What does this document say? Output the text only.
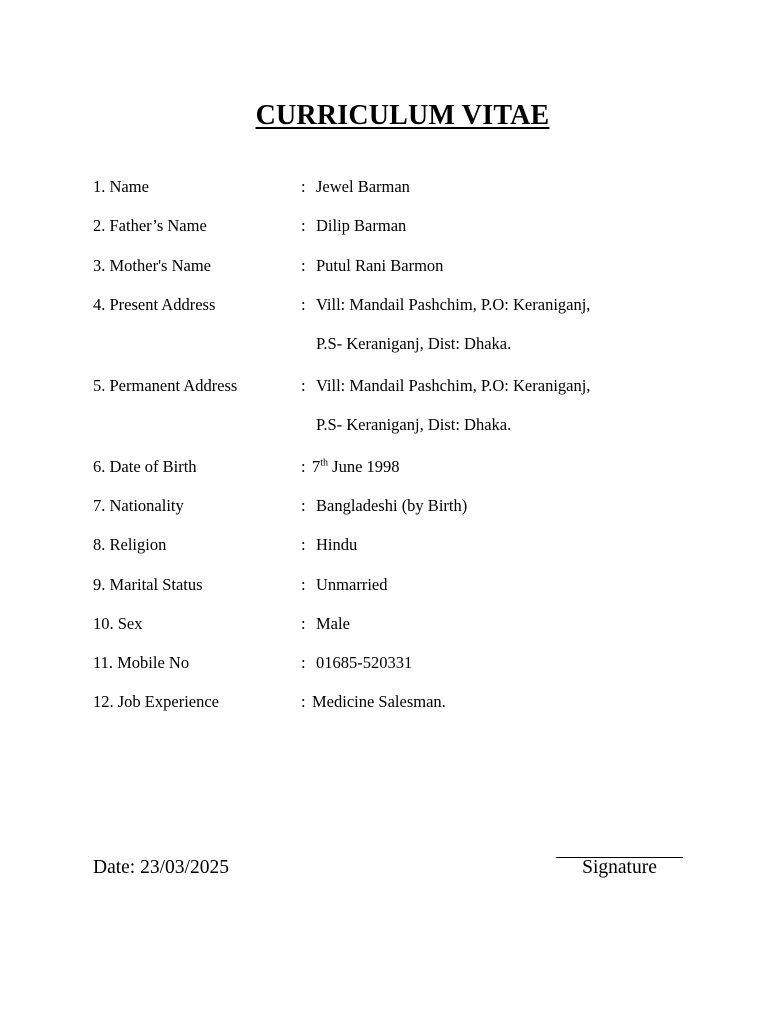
CURRICULUM VITAE
1. Name	: Jewel Barman
2. Father’s Name	: Dilip Barman
3. Mother's Name	: Putul Rani Barmon
4. Present Address	: Vill: Mandail Pashchim, P.O: Keraniganj,
P.S- Keraniganj, Dist: Dhaka.
5. Permanent Address	: Vill: Mandail Pashchim, P.O: Keraniganj,
P.S- Keraniganj, Dist: Dhaka.
6. Date of Birth	: 7th June 1998
7. Nationality	: Bangladeshi (by Birth)
8. Religion	: Hindu
9. Marital Status	: Unmarried
10. Sex	: Male
11. Mobile No	: 01685-520331
12. Job Experience	: Medicine Salesman.
Date: 23/03/2025	Signature
